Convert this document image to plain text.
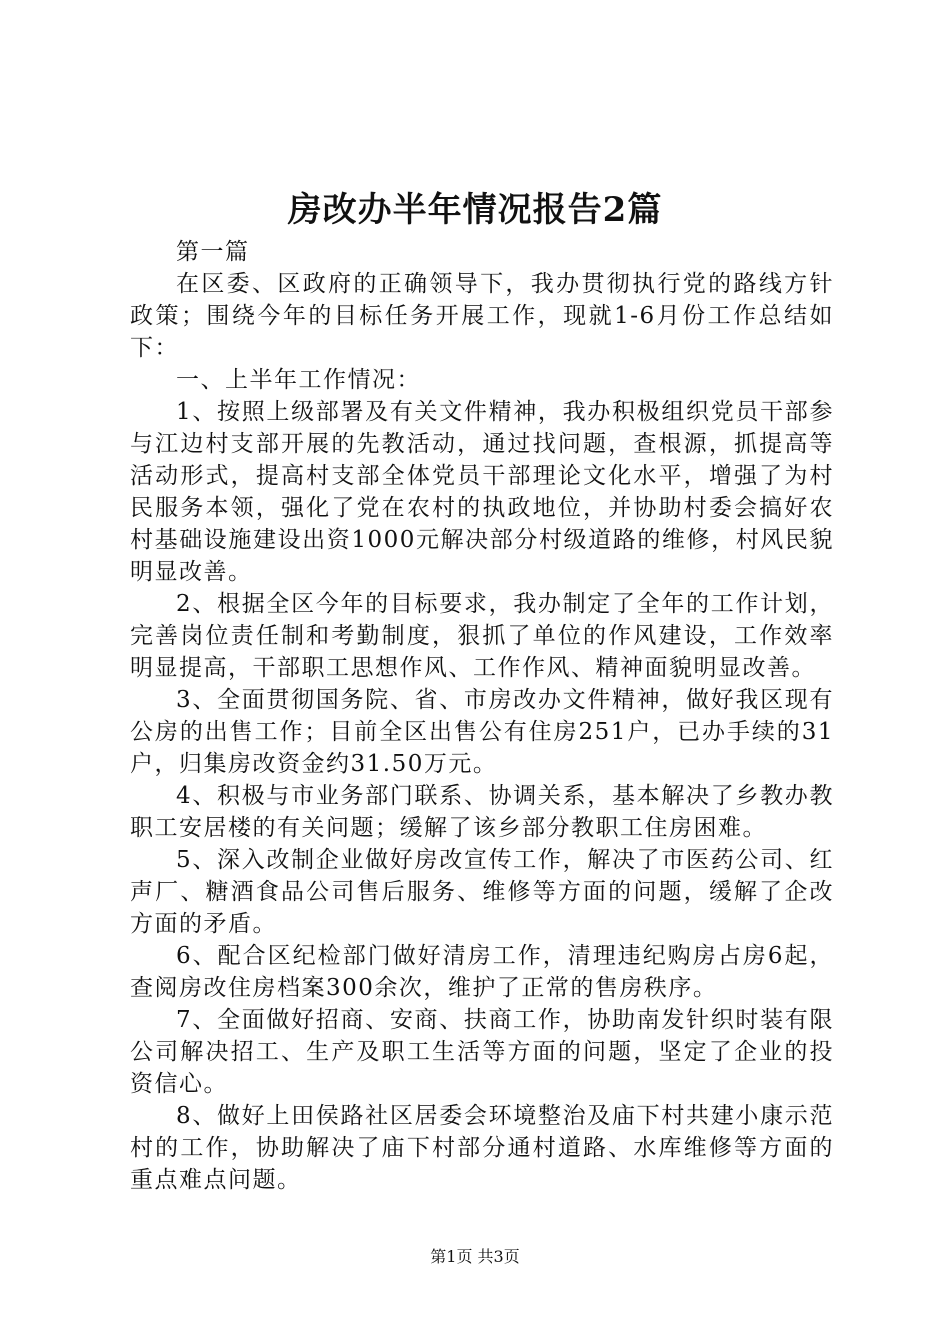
房改办半年情况报告2篇

第一篇

在区委、区政府的正确领导下，我办贯彻执行党的路线方针政策；围绕今年的目标任务开展工作，现就1-6月份工作总结如下：

一、上半年工作情况：

1、按照上级部署及有关文件精神，我办积极组织党员干部参与江边村支部开展的先教活动，通过找问题，查根源，抓提高等活动形式，提高村支部全体党员干部理论文化水平，增强了为村民服务本领，强化了党在农村的执政地位，并协助村委会搞好农村基础设施建设出资1000元解决部分村级道路的维修，村风民貌明显改善。

2、根据全区今年的目标要求，我办制定了全年的工作计划，完善岗位责任制和考勤制度，狠抓了单位的作风建设，工作效率明显提高，干部职工思想作风、工作作风、精神面貌明显改善。

3、全面贯彻国务院、省、市房改办文件精神，做好我区现有公房的出售工作；目前全区出售公有住房251户，已办手续的31户，归集房改资金约31.50万元。

4、积极与市业务部门联系、协调关系，基本解决了乡教办教职工安居楼的有关问题；缓解了该乡部分教职工住房困难。

5、深入改制企业做好房改宣传工作，解决了市医药公司、红声厂、糖酒食品公司售后服务、维修等方面的问题，缓解了企改方面的矛盾。

6、配合区纪检部门做好清房工作，清理违纪购房占房6起，查阅房改住房档案300余次，维护了正常的售房秩序。

7、全面做好招商、安商、扶商工作，协助南发针织时装有限公司解决招工、生产及职工生活等方面的问题，坚定了企业的投资信心。

8、做好上田侯路社区居委会环境整治及庙下村共建小康示范村的工作，协助解决了庙下村部分通村道路、水库维修等方面的重点难点问题。

第1页 共3页
